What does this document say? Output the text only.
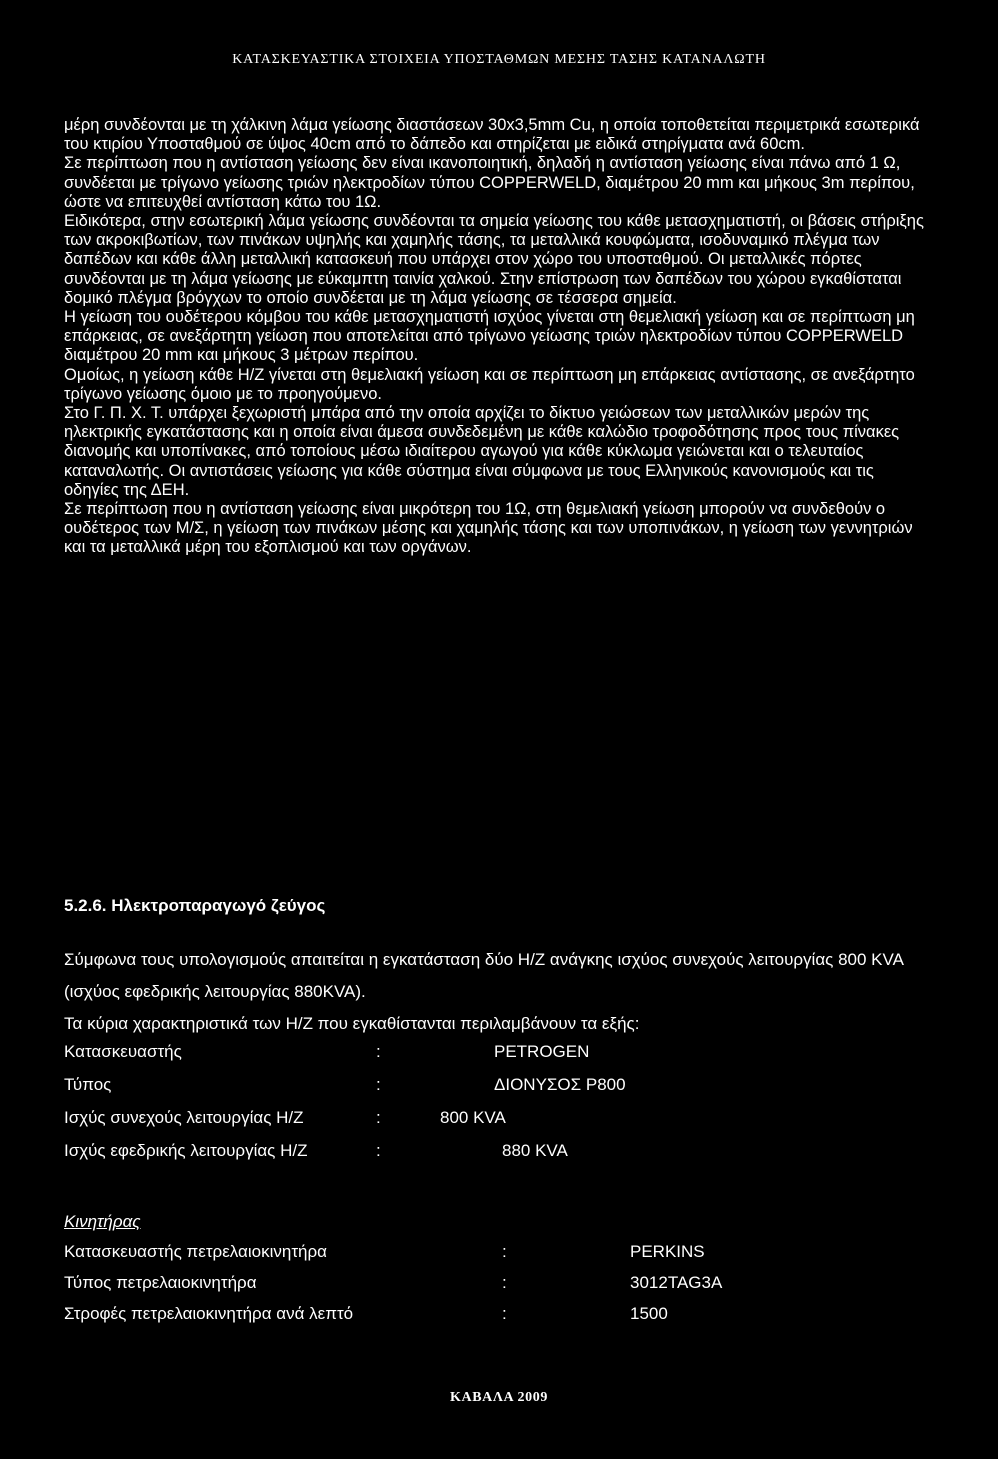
ΚΑΤΑΣΚΕΥΑΣΤΙΚΑ ΣΤΟΙΧΕΙΑ ΥΠΟΣΤΑΘΜΩΝ ΜΕΣΗΣ ΤΑΣΗΣ ΚΑΤΑΝΑΛΩΤΗ

μέρη συνδέονται με τη χάλκινη λάμα γείωσης διαστάσεων 30x3,5mm Cu, η οποία τοποθετείται περιμετρικά εσωτερικά του κτιρίου Υποσταθμού σε ύψος 40cm από το δάπεδο και στηρίζεται με ειδικά στηρίγματα ανά 60cm.

Σε περίπτωση που η αντίσταση γείωσης δεν είναι ικανοποιητική, δηλαδή η αντίσταση γείωσης είναι πάνω από 1 Ω, συνδέεται με τρίγωνο γείωσης τριών ηλεκτροδίων τύπου COPPERWELD, διαμέτρου 20 mm και μήκους 3m περίπου, ώστε να επιτευχθεί αντίσταση κάτω του 1Ω.

Ειδικότερα, στην εσωτερική λάμα γείωσης συνδέονται τα σημεία γείωσης του κάθε μετασχηματιστή, οι βάσεις στήριξης των ακροκιβωτίων, των πινάκων υψηλής και χαμηλής τάσης, τα μεταλλικά κουφώματα, ισοδυναμικό πλέγμα των δαπέδων και κάθε άλλη μεταλλική κατασκευή που υπάρχει στον χώρο του υποσταθμού. Οι μεταλλικές πόρτες συνδέονται με τη λάμα γείωσης με εύκαμπτη ταινία χαλκού. Στην επίστρωση των δαπέδων του χώρου εγκαθίσταται δομικό πλέγμα βρόγχων το οποίο συνδέεται με τη λάμα γείωσης σε τέσσερα σημεία.

Η γείωση του ουδέτερου κόμβου του κάθε μετασχηματιστή ισχύος γίνεται στη θεμελιακή γείωση και σε περίπτωση μη επάρκειας, σε ανεξάρτητη γείωση που αποτελείται από τρίγωνο γείωσης τριών ηλεκτροδίων τύπου COPPERWELD διαμέτρου 20 mm και μήκους 3 μέτρων περίπου.

Ομοίως, η γείωση κάθε Η/Ζ γίνεται στη θεμελιακή γείωση και σε περίπτωση μη επάρκειας αντίστασης, σε ανεξάρτητο τρίγωνο γείωσης όμοιο με το προηγούμενο.

Στο Γ. Π. Χ. Τ. υπάρχει ξεχωριστή μπάρα από την οποία αρχίζει το δίκτυο γειώσεων των μεταλλικών μερών της ηλεκτρικής εγκατάστασης και η οποία είναι άμεσα συνδεδεμένη με κάθε καλώδιο τροφοδότησης προς τους πίνακες διανομής και υποπίνακες, από τοποίους μέσω ιδιαίτερου αγωγού για κάθε κύκλωμα γειώνεται και ο τελευταίος καταναλωτής. Οι αντιστάσεις γείωσης για κάθε σύστημα είναι σύμφωνα με τους Ελληνικούς κανονισμούς και τις οδηγίες της ΔΕΗ.

Σε περίπτωση που η αντίσταση γείωσης είναι μικρότερη του 1Ω, στη θεμελιακή γείωση μπορούν να συνδεθούν ο ουδέτερος των Μ/Σ, η γείωση των πινάκων μέσης και χαμηλής τάσης και των υποπινάκων, η γείωση των γεννητριών και τα μεταλλικά μέρη του εξοπλισμού και των οργάνων.

5.2.6. Ηλεκτροπαραγωγό ζεύγος

Σύμφωνα τους υπολογισμούς απαιτείται η εγκατάσταση δύο Η/Ζ ανάγκης ισχύος συνεχούς λειτουργίας 800 KVA (ισχύος εφεδρικής λειτουργίας 880KVA).

Τα κύρια χαρακτηριστικά των Η/Ζ που εγκαθίστανται περιλαμβάνουν τα εξής:

Κατασκευαστής	:	PETROGEN
Τύπος	:	ΔΙΟΝΥΣΟΣ P800
Ισχύς συνεχούς λειτουργίας Η/Ζ	:	800 KVA
Ισχύς εφεδρικής λειτουργίας Η/Ζ	:	880 KVA

Κινητήρας

Κατασκευαστής πετρελαιοκινητήρα	:	PERKINS
Τύπος πετρελαιοκινητήρα	:	3012TAG3A
Στροφές πετρελαιοκινητήρα ανά λεπτό	:	1500
ΚΑΒΑΛΑ 2009
